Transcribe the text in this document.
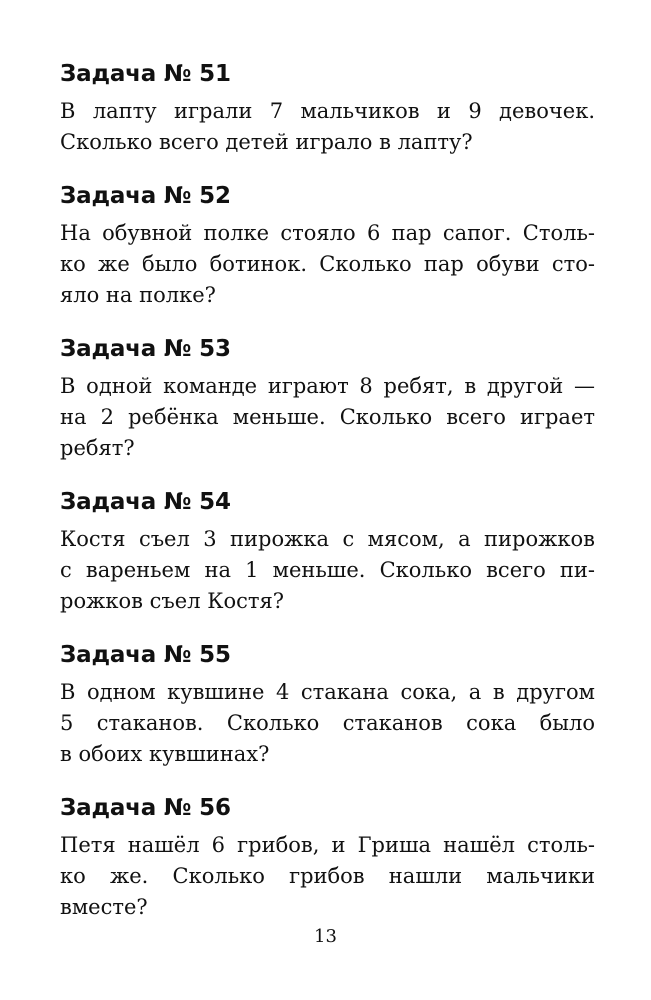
Задача № 51
В лапту играли 7 мальчиков и 9 девочек.
Сколько всего детей играло в лапту?
Задача № 52
На обувной полке стояло 6 пар сапог. Столь-
ко же было ботинок. Сколько пар обуви сто-
яло на полке?
Задача № 53
В одной команде играют 8 ребят, в другой —
на 2 ребёнка меньше. Сколько всего играет
ребят?
Задача № 54
Костя съел 3 пирожка с мясом, а пирожков
с вареньем на 1 меньше. Сколько всего пи-
рожков съел Костя?
Задача № 55
В одном кувшине 4 стакана сока, а в другом
5 стаканов. Сколько стаканов сока было
в обоих кувшинах?
Задача № 56
Петя нашёл 6 грибов, и Гриша нашёл столь-
ко же. Сколько грибов нашли мальчики
вместе?
13
